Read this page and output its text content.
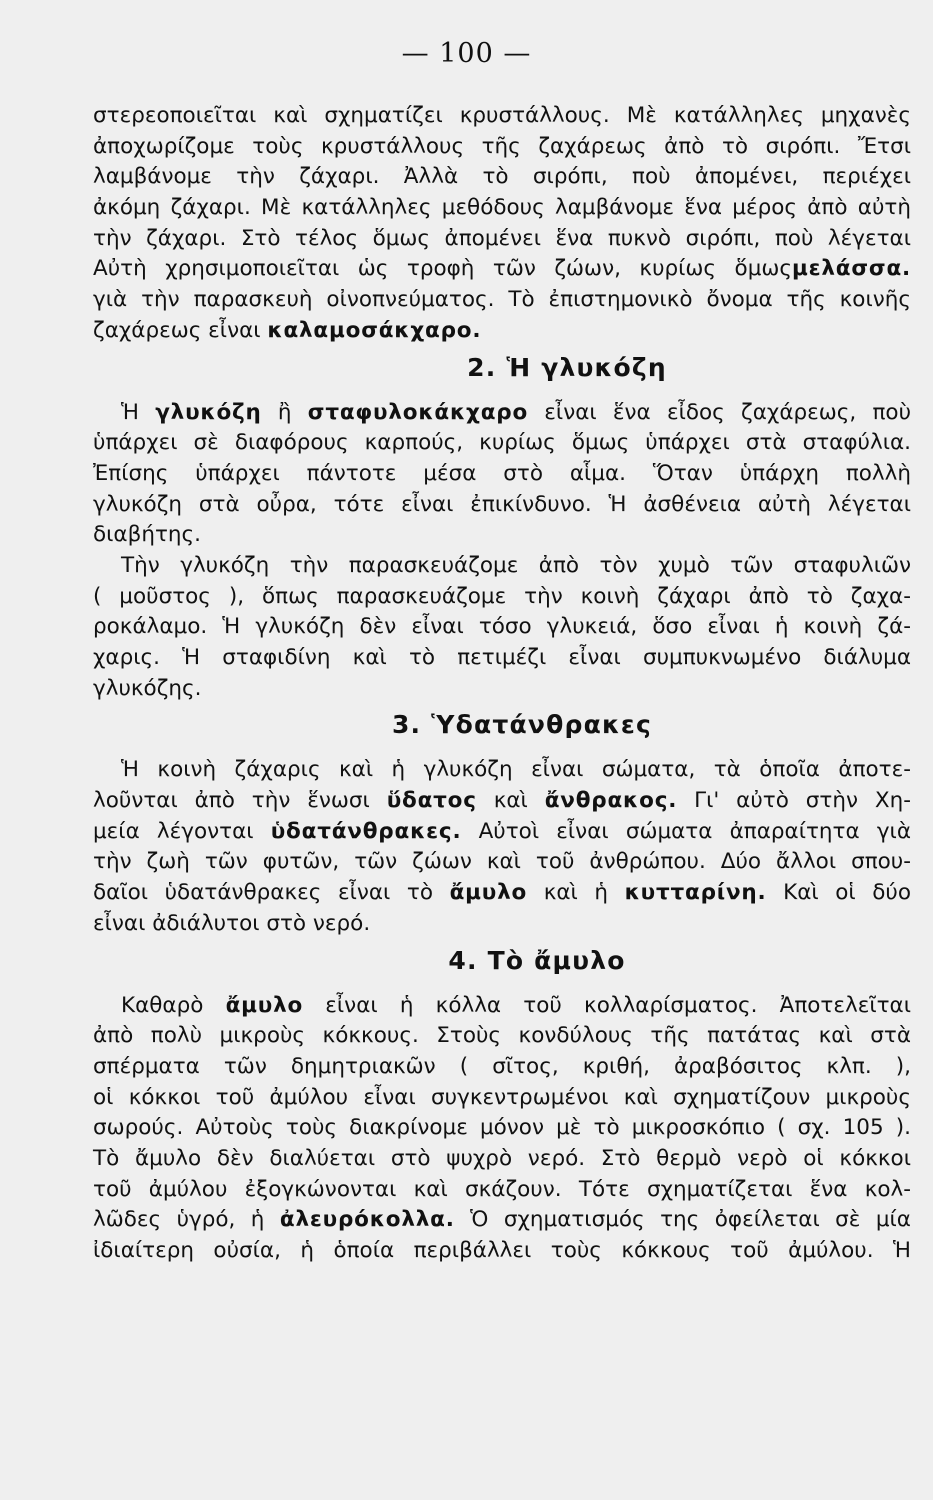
— 100 —
στερεοποιεῖται καὶ σχηματίζει κρυστάλλους. Μὲ κατάλληλες μηχανὲς
ἀποχωρίζομε τοὺς κρυστάλλους τῆς ζαχάρεως ἀπὸ τὸ σιρόπι. Ἔτσι
λαμβάνομε τὴν ζάχαρι. Ἀλλὰ τὸ σιρόπι, ποὺ ἀπομένει, περιέχει
ἀκόμη ζάχαρι. Μὲ κατάλληλες μεθόδους λαμβάνομε ἕνα μέρος ἀπὸ αὐτὴ
τὴν ζάχαρι. Στὸ τέλος ὅμως ἀπομένει ἕνα πυκνὸ σιρόπι, ποὺ λέγεται
Αὐτὴ χρησιμοποιεῖται ὡς τροφὴ τῶν ζώων, κυρίως ὅμωςμελάσσα.
γιὰ τὴν παρασκευὴ οἰνοπνεύματος. Τὸ ἐπιστημονικὸ ὄνομα τῆς κοινῆς
ζαχάρεως εἶναι καλαμοσάκχαρο.
2. Ἡ γλυκόζη
Ἡ γλυκόζη ἢ σταφυλοκάκχαρο εἶναι ἕνα εἶδος ζαχάρεως, ποὺ
ὑπάρχει σὲ διαφόρους καρπούς, κυρίως ὅμως ὑπάρχει στὰ σταφύλια.
Ἐπίσης ὑπάρχει πάντοτε μέσα στὸ αἷμα. Ὅταν ὑπάρχη πολλὴ
γλυκόζη στὰ οὖρα, τότε εἶναι ἐπικίνδυνο. Ἡ ἀσθένεια αὐτὴ λέγεται
διαβήτης.
Τὴν γλυκόζη τὴν παρασκευάζομε ἀπὸ τὸν χυμὸ τῶν σταφυλιῶν
( μοῦστος ), ὅπως παρασκευάζομε τὴν κοινὴ ζάχαρι ἀπὸ τὸ ζαχα-
ροκάλαμο. Ἡ γλυκόζη δὲν εἶναι τόσο γλυκειά, ὅσο εἶναι ἡ κοινὴ ζά-
χαρις. Ἡ σταφιδίνη καὶ τὸ πετιμέζι εἶναι συμπυκνωμένο διάλυμα
γλυκόζης.
3. Ὑδατάνθρακες
Ἡ κοινὴ ζάχαρις καὶ ἡ γλυκόζη εἶναι σώματα, τὰ ὁποῖα ἀποτε-
λοῦνται ἀπὸ τὴν ἕνωσι ὕδατος καὶ ἄνθρακος. Γι' αὐτὸ στὴν Χη-
μεία λέγονται ὑδατάνθρακες. Αὐτοὶ εἶναι σώματα ἀπαραίτητα γιὰ
τὴν ζωὴ τῶν φυτῶν, τῶν ζώων καὶ τοῦ ἀνθρώπου. Δύο ἄλλοι σπου-
δαῖοι ὑδατάνθρακες εἶναι τὸ ἄμυλο καὶ ἡ κυτταρίνη. Καὶ οἱ δύο
εἶναι ἀδιάλυτοι στὸ νερό.
4. Τὸ ἄμυλο
Καθαρὸ ἄμυλο εἶναι ἡ κόλλα τοῦ κολλαρίσματος. Ἀποτελεῖται
ἀπὸ πολὺ μικροὺς κόκκους. Στοὺς κονδύλους τῆς πατάτας καὶ στὰ
σπέρματα τῶν δημητριακῶν ( σῖτος, κριθή, ἀραβόσιτος κλπ. ),
οἱ κόκκοι τοῦ ἀμύλου εἶναι συγκεντρωμένοι καὶ σχηματίζουν μικροὺς
σωρούς. Αὐτοὺς τοὺς διακρίνομε μόνον μὲ τὸ μικροσκόπιο ( σχ. 105 ).
Τὸ ἄμυλο δὲν διαλύεται στὸ ψυχρὸ νερό. Στὸ θερμὸ νερὸ οἱ κόκκοι
τοῦ ἀμύλου ἐξογκώνονται καὶ σκάζουν. Τότε σχηματίζεται ἕνα κολ-
λῶδες ὑγρό, ἡ ἀλευρόκολλα. Ὁ σχηματισμός της ὀφείλεται σὲ μία
ἰδιαίτερη οὐσία, ἡ ὁποία περιβάλλει τοὺς κόκκους τοῦ ἀμύλου. Ἡ
